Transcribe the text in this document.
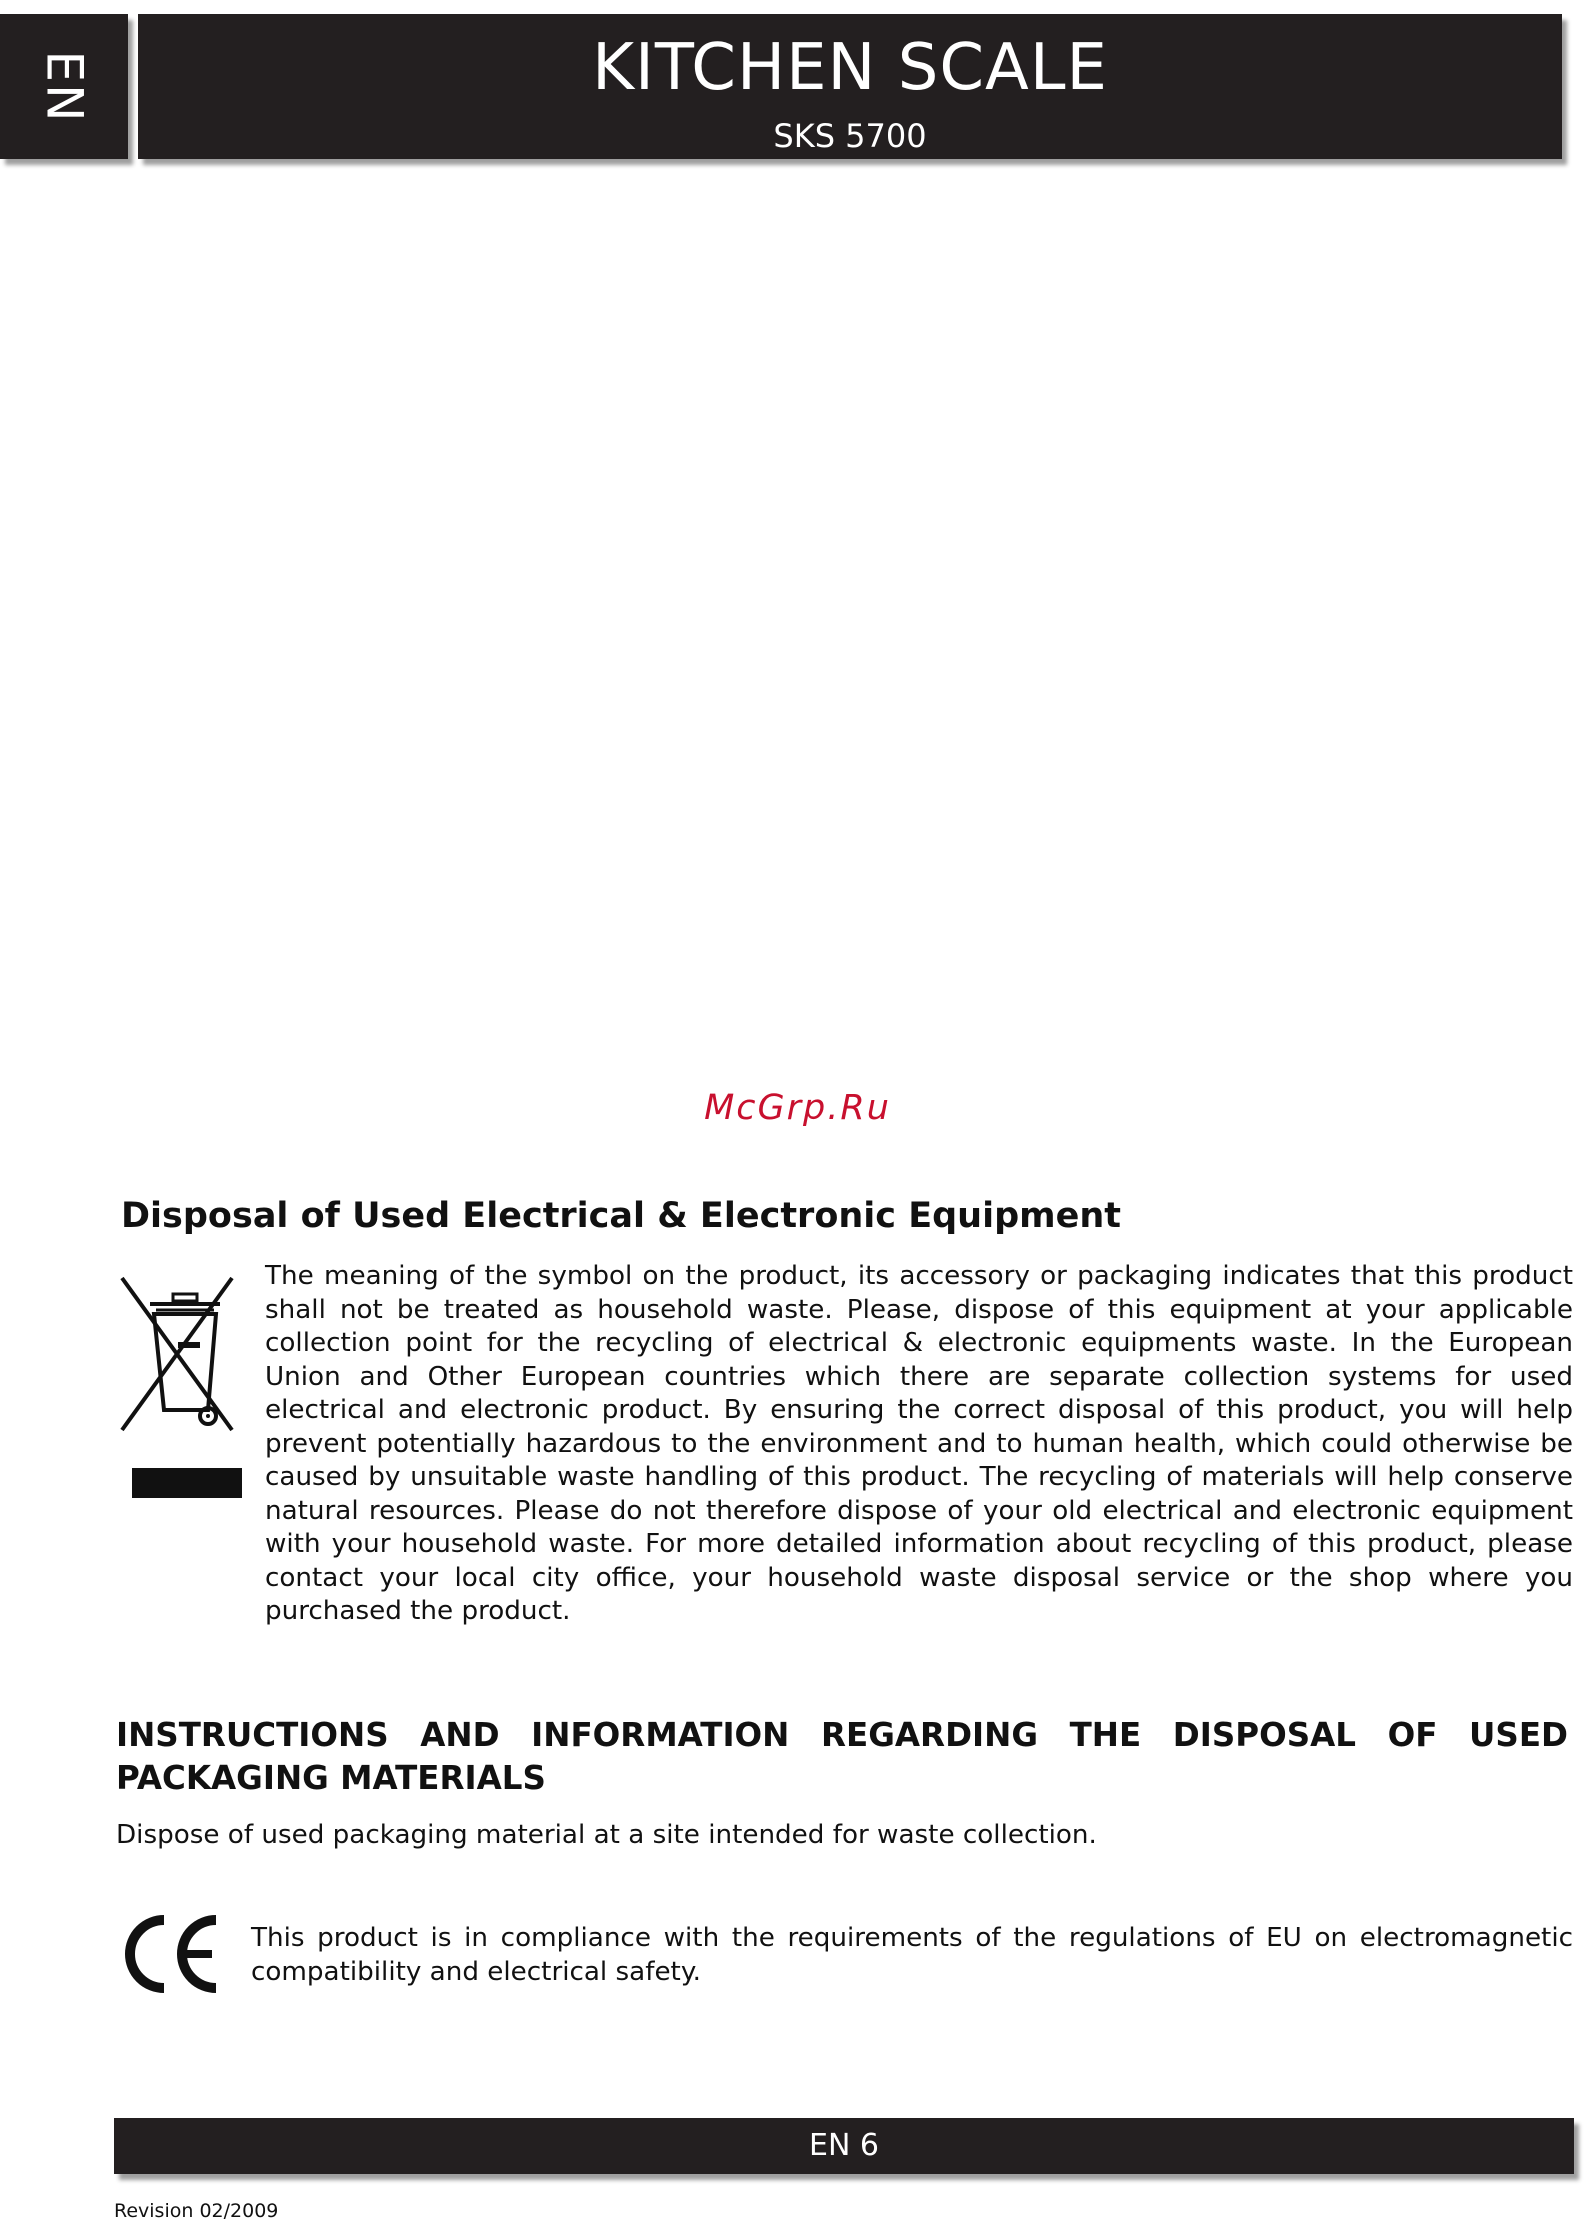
EN	KITCHEN SCALE
SKS 5700
McGrp.Ru
Disposal of Used Electrical & Electronic Equipment

The meaning of the symbol on the product, its accessory or packaging indicates that this product shall not be treated as household waste. Please, dispose of this equipment at your applicable collection point for the recycling of electrical & electronic equipments waste. In the European Union and Other European countries which there are separate collection systems for used electrical and electronic product. By ensuring the correct disposal of this product, you will help prevent potentially hazardous to the environment and to human health, which could otherwise be caused by unsuitable waste handling of this product. The recycling of materials will help conserve natural resources. Please do not therefore dispose of your old electrical and electronic equipment with your household waste. For more detailed information about recycling of this product, please contact your local city office, your household waste disposal service or the shop where you purchased the product.

INSTRUCTIONS AND INFORMATION REGARDING THE DISPOSAL OF USED PACKAGING MATERIALS

Dispose of used packaging material at a site intended for waste collection.

This product is in compliance with the requirements of the regulations of EU on electromagnetic compatibility and electrical safety.

EN 6
Revision 02/2009
